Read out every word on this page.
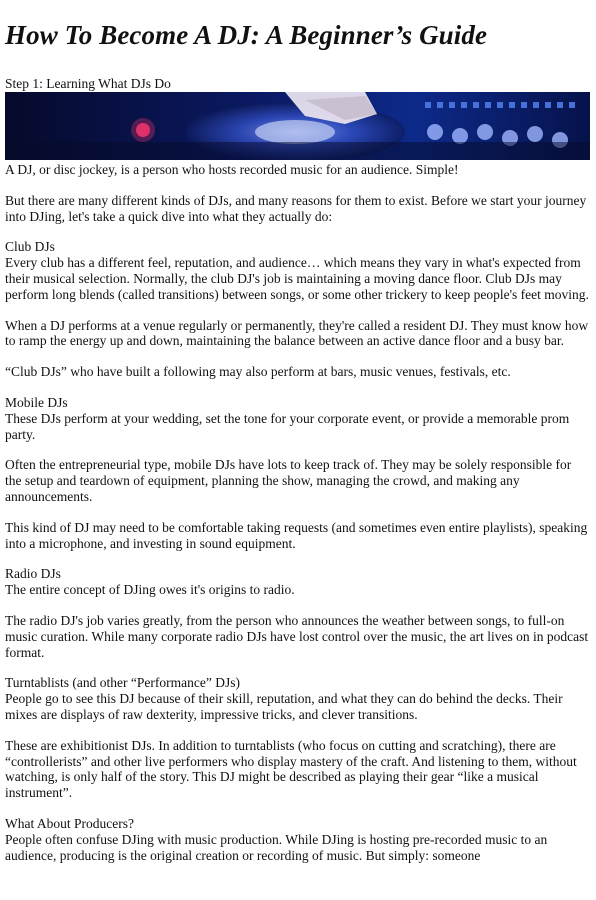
How To Become A DJ: A Beginner’s Guide
Step 1: Learning What DJs Do

A DJ, or disc jockey, is a person who hosts recorded music for an audience. Simple!

But there are many different kinds of DJs, and many reasons for them to exist. Before we start your journey into DJing, let's take a quick dive into what they actually do:

Club DJs

Every club has a different feel, reputation, and audience… which means they vary in what's expected from their musical selection. Normally, the club DJ's job is maintaining a moving dance floor. Club DJs may perform long blends (called transitions) between songs, or some other trickery to keep people's feet moving.

When a DJ performs at a venue regularly or permanently, they're called a resident DJ. They must know how to ramp the energy up and down, maintaining the balance between an active dance floor and a busy bar.

“Club DJs” who have built a following may also perform at bars, music venues, festivals, etc.

Mobile DJs

These DJs perform at your wedding, set the tone for your corporate event, or provide a memorable prom party.

Often the entrepreneurial type, mobile DJs have lots to keep track of. They may be solely responsible for the setup and teardown of equipment, planning the show, managing the crowd, and making any announcements.

This kind of DJ may need to be comfortable taking requests (and sometimes even entire playlists), speaking into a microphone, and investing in sound equipment.

Radio DJs

The entire concept of DJing owes it's origins to radio.

The radio DJ's job varies greatly, from the person who announces the weather between songs, to full-on music curation. While many corporate radio DJs have lost control over the music, the art lives on in podcast format.

Turntablists (and other “Performance” DJs)

People go to see this DJ because of their skill, reputation, and what they can do behind the decks. Their mixes are displays of raw dexterity, impressive tricks, and clever transitions.

These are exhibitionist DJs. In addition to turntablists (who focus on cutting and scratching), there are “controllerists” and other live performers who display mastery of the craft. And listening to them, without watching, is only half of the story. This DJ might be described as playing their gear “like a musical instrument”.

What About Producers?

People often confuse DJing with music production. While DJing is hosting pre-recorded music to an audience, producing is the original creation or recording of music. But simply: someone
